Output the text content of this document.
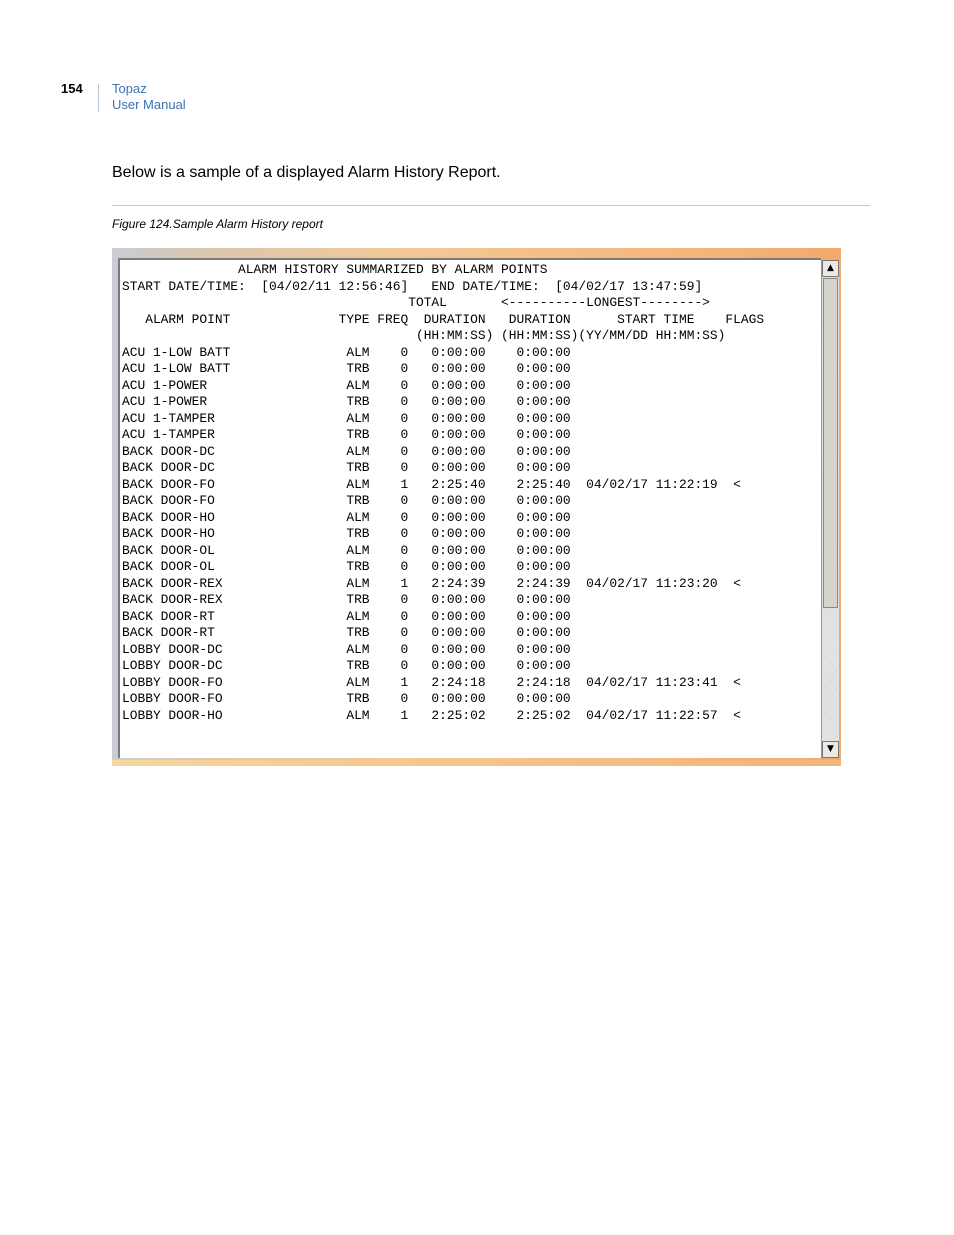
154 Topaz
User Manual
Below is a sample of a displayed Alarm History Report.
Figure 124.Sample Alarm History report
ALARM HISTORY SUMMARIZED BY ALARM POINTS
START DATE/TIME:  [04/02/11 12:56:46]   END DATE/TIME:  [04/02/17 13:47:59]
TOTAL       <----------LONGEST-------->
ALARM POINT              TYPE FREQ  DURATION   DURATION      START TIME    FLAGS
(HH:MM:SS) (HH:MM:SS)(YY/MM/DD HH:MM:SS)
ACU 1-LOW BATT               ALM    0   0:00:00    0:00:00
ACU 1-LOW BATT               TRB    0   0:00:00    0:00:00
ACU 1-POWER                  ALM    0   0:00:00    0:00:00
ACU 1-POWER                  TRB    0   0:00:00    0:00:00
ACU 1-TAMPER                 ALM    0   0:00:00    0:00:00
ACU 1-TAMPER                 TRB    0   0:00:00    0:00:00
BACK DOOR-DC                 ALM    0   0:00:00    0:00:00
BACK DOOR-DC                 TRB    0   0:00:00    0:00:00
BACK DOOR-FO                 ALM    1   2:25:40    2:25:40  04/02/17 11:22:19  <
BACK DOOR-FO                 TRB    0   0:00:00    0:00:00
BACK DOOR-HO                 ALM    0   0:00:00    0:00:00
BACK DOOR-HO                 TRB    0   0:00:00    0:00:00
BACK DOOR-OL                 ALM    0   0:00:00    0:00:00
BACK DOOR-OL                 TRB    0   0:00:00    0:00:00
BACK DOOR-REX                ALM    1   2:24:39    2:24:39  04/02/17 11:23:20  <
BACK DOOR-REX                TRB    0   0:00:00    0:00:00
BACK DOOR-RT                 ALM    0   0:00:00    0:00:00
BACK DOOR-RT                 TRB    0   0:00:00    0:00:00
LOBBY DOOR-DC                ALM    0   0:00:00    0:00:00
LOBBY DOOR-DC                TRB    0   0:00:00    0:00:00
LOBBY DOOR-FO                ALM    1   2:24:18    2:24:18  04/02/17 11:23:41  <
LOBBY DOOR-FO                TRB    0   0:00:00    0:00:00
LOBBY DOOR-HO                ALM    1   2:25:02    2:25:02  04/02/17 11:22:57  <
▲
▼
